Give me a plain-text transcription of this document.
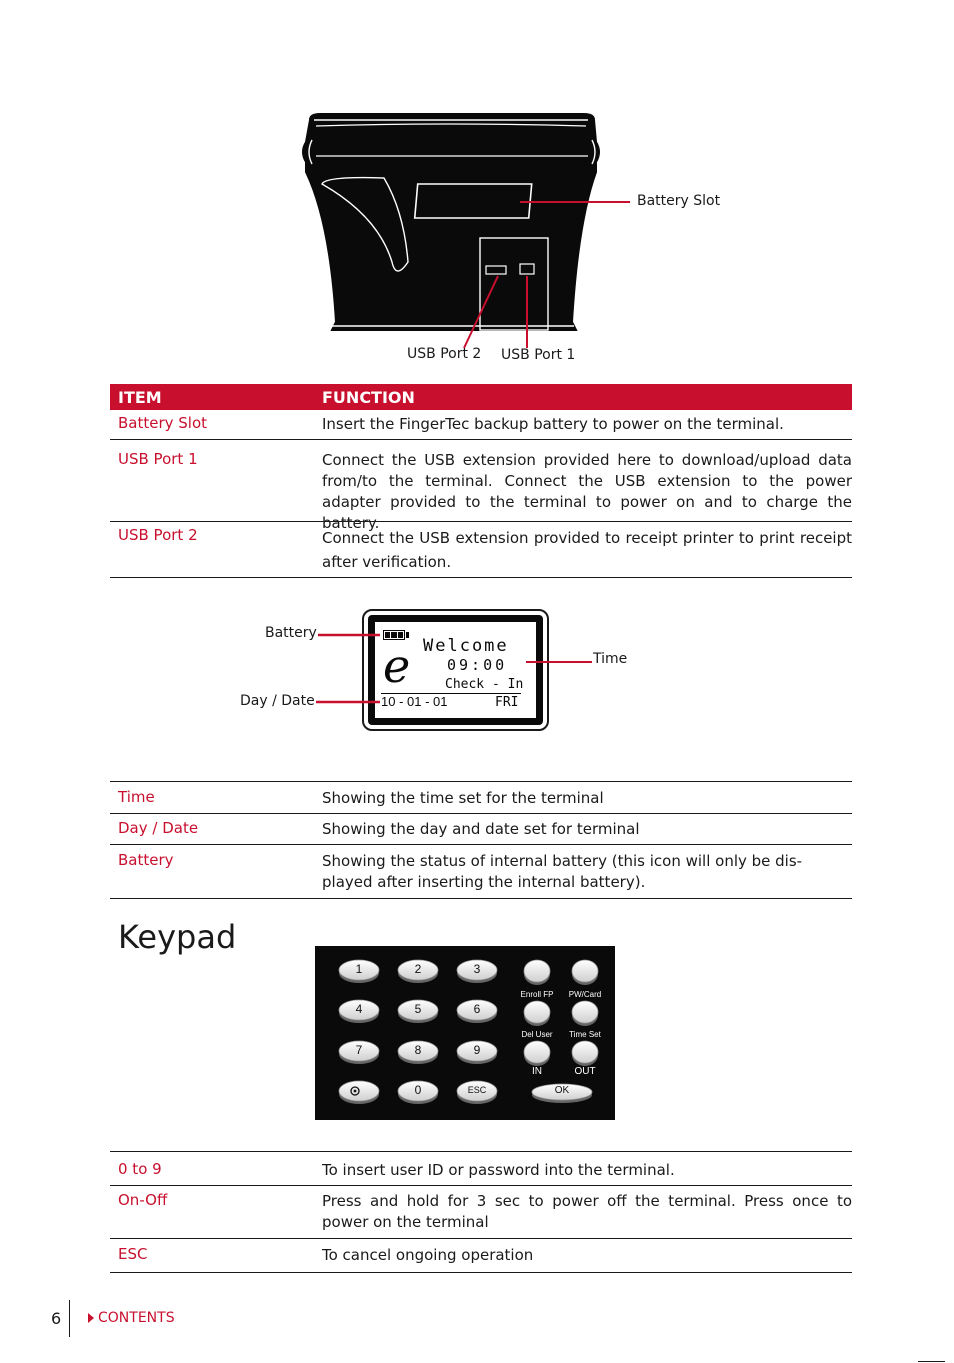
Battery Slot
USB Port 2 USB Port 1
ITEM	FUNCTION
Battery Slot	Insert the FingerTec backup battery to power on the terminal.
USB Port 1	Connect the USB extension provided here to download/upload data from/to the terminal. Connect the USB extension to the power adapter provided to the terminal to power on and to charge the battery.
USB Port 2	Connect the USB extension provided to receipt printer to print receipt after verification.
e Welcome
09:00
Check - In
10 - 01 - 01	FRI
Battery
Day / Date
Time
Time	Showing the time set for the terminal
Day / Date	Showing the day and date set for terminal
Battery	Showing the status of internal battery (this icon will only be dis-played after inserting the internal battery).
Keypad
1	2	3
4	5	6
7	8	9
0	ESC
Enroll FP	PW/Card
Del User	Time Set
IN	OUT
OK
0 to 9	To insert user ID or password into the terminal.
On-Off	Press and hold for 3 sec to power off the terminal. Press once to power on the terminal
ESC	To cancel ongoing operation
6	CONTENTS
